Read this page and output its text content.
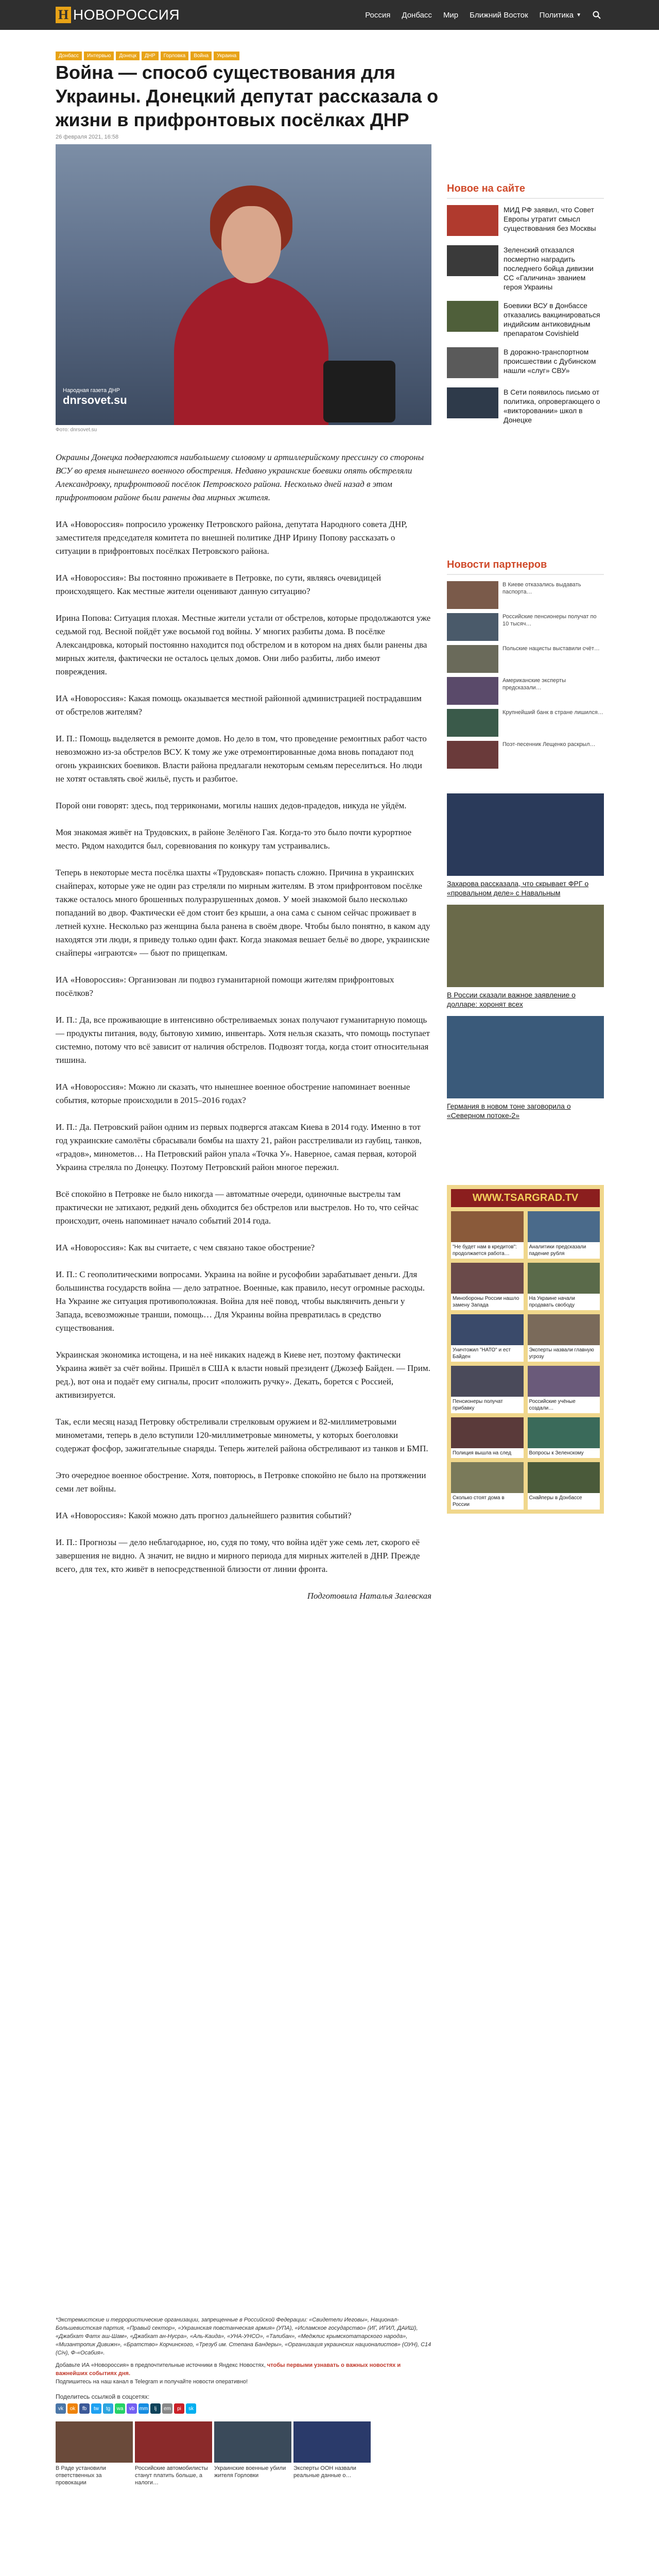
Н НОВОРОССИЯ	Россия Донбасс Мир Ближний Восток Политика ▼
Донбасс	Интервью	Донецк	ДНР	Горловка	Война	Украина
Война — способ существования для Украины. Донецкий депутат рассказала о жизни в прифронтовых посёлках ДНР
26 февраля 2021, 16:58
Народная газета ДНР
dnrsovet.su
Фото: dnrsovet.su

Окраины Донецка подвергаются наибольшему силовому и артиллерийскому прессингу со стороны ВСУ во время нынешнего военного обострения. Недавно украинские боевики опять обстреляли Александровку, прифронтовой посёлок Петровского района. Несколько дней назад в этом прифронтовом районе были ранены два мирных жителя.

ИА «Новороссия» попросило уроженку Петровского района, депутата Народного совета ДНР, заместителя председателя комитета по внешней политике ДНР Ирину Попову рассказать о ситуации в прифронтовых посёлках Петровского района.

ИА «Новороссия»: Вы постоянно проживаете в Петровке, по сути, являясь очевидицей происходящего. Как местные жители оценивают данную ситуацию?

Ирина Попова: Ситуация плохая. Местные жители устали от обстрелов, которые продолжаются уже седьмой год. Весной пойдёт уже восьмой год войны. У многих разбиты дома. В посёлке Александровка, который постоянно находится под обстрелом и в котором на днях были ранены два мирных жителя, фактически не осталось целых домов. Они либо разбиты, либо имеют повреждения.

ИА «Новороссия»: Какая помощь оказывается местной районной администрацией пострадавшим от обстрелов жителям?

И. П.: Помощь выделяется в ремонте домов. Но дело в том, что проведение ремонтных работ часто невозможно из-за обстрелов ВСУ. К тому же уже отремонтированные дома вновь попадают под огонь украинских боевиков. Власти района предлагали некоторым семьям переселиться. Но люди не хотят оставлять своё жильё, пусть и разбитое.

Порой они говорят: здесь, под терриконами, могилы наших дедов-прадедов, никуда не уйдём.

Моя знакомая живёт на Трудовских, в районе Зелёного Гая. Когда-то это было почти курортное место. Рядом находится был, соревнования по конкуру там устраивались.

Теперь в некоторые места посёлка шахты «Трудовская» попасть сложно. Причина в украинских снайперах, которые уже не один раз стреляли по мирным жителям. В этом прифронтовом посёлке также осталось много брошенных полуразрушенных домов. У моей знакомой было несколько попаданий во двор. Фактически её дом стоит без крыши, а она сама с сыном сейчас проживает в летней кухне. Несколько раз женщина была ранена в своём дворе. Чтобы было понятно, в каком аду находятся эти люди, я приведу только один факт. Когда знакомая вешает бельё во дворе, украинские снайперы «играются» — бьют по прищепкам.

ИА «Новороссия»: Организован ли подвоз гуманитарной помощи жителям прифронтовых посёлков?

И. П.: Да, все проживающие в интенсивно обстреливаемых зонах получают гуманитарную помощь — продукты питания, воду, бытовую химию, инвентарь. Хотя нельзя сказать, что помощь поступает системно, потому что всё зависит от наличия обстрелов. Подвозят тогда, когда стоит относительная тишина.

ИА «Новороссия»: Можно ли сказать, что нынешнее военное обострение напоминает военные события, которые происходили в 2015–2016 годах?

И. П.: Да. Петровский район одним из первых подвергся атаксам Киева в 2014 году. Именно в тот год украинские самолёты сбрасывали бомбы на шахту 21, район расстреливали из гаубиц, танков, «градов», минометов… На Петровский район упала «Точка У». Наверное, самая первая, которой Украина стреляла по Донецку. Поэтому Петровский район многое пережил.

Всё спокойно в Петровке не было никогда — автоматные очереди, одиночные выстрелы там практически не затихают, редкий день обходится без обстрелов или выстрелов. Но то, что сейчас происходит, очень напоминает начало событий 2014 года.

ИА «Новороссия»: Как вы считаете, с чем связано такое обострение?

И. П.: С геополитическими вопросами. Украина на войне и русофобии зарабатывает деньги. Для большинства государств война — дело затратное. Военные, как правило, несут огромные расходы. На Украине же ситуация противоположная. Война для неё повод, чтобы выклянчить деньги у Запада, всевозможные транши, помощь… Для Украины война превратилась в средство существования.

Украинская экономика истощена, и на неё никаких надежд в Киеве нет, поэтому фактически Украина живёт за счёт войны. Пришёл в США к власти новый президент (Джозеф Байден. — Прим. ред.), вот она и подаёт ему сигналы, просит «положить ручку». Декать, борется с Россией, активизируется.

Так, если месяц назад Петровку обстреливали стрелковым оружием и 82-миллиметровыми минометами, теперь в дело вступили 120-миллиметровые минометы, у которых боеголовки содержат фосфор, зажигательные снаряды. Теперь жителей района обстреливают из танков и БМП.

Это очередное военное обострение. Хотя, повторюсь, в Петровке спокойно не было на протяжении семи лет войны.

ИА «Новороссия»: Какой можно дать прогноз дальнейшего развития событий?

И. П.: Прогнозы — дело неблагодарное, но, судя по тому, что война идёт уже семь лет, скорого её завершения не видно. А значит, не видно и мирного периода для мирных жителей в ДНР. Прежде всего, для тех, кто живёт в непосредственной близости от линии фронта.

Подготовила Наталья Залевская

*Экстремистские и террористические организации, запрещенные в Российской Федерации: «Свидетели Иеговы», Национал-Большевистская партия, «Правый сектор», «Украинская повстанческая армия» (УПА), «Исламское государство» (ИГ, ИГИЛ, ДАИШ), «Джабхат Фатх аш-Шам», «Джабхат ан-Нусра», «Аль-Каида», «УНА-УНСО», «Талибан», «Меджлис крымскотатарского народа», «Мизантропик Дивижн», «Братство» Корчинского, «Трезуб им. Степана Бандеры», «Организация украинских националистов» (ОУН), С14 (Січ), Ф-«Осабия».
Добавьте ИА «Новороссия» в предпочтительные источники в Яндекс Новостях, чтобы первыми узнавать о важных новостях и важнейших событиях дня.
Подпишитесь на наш канал в Telegram и получайте новости оперативно!
Поделитесь ссылкой в соцсетях:
vk	ok	fb	tw	tg	wa	vb mm	lj	em	pi	sk
В Раде установили ответственных за провокации
Российские автомобилисты станут платить больше, а налоги…
Украинские военные убили жителя Горловки
Эксперты ООН назвали реальные данные о…
Новое на сайте
МИД РФ заявил, что Совет Европы утратит смысл существования без Москвы
Зеленский отказался посмертно наградить последнего бойца дивизии СС «Галичина» званием героя Украины
Боевики ВСУ в Донбассе отказались вакцинироваться индийским антиковидным препаратом Covishield
В дорожно-транспортном происшествии с Дубинском нашли «слуг» СВУ»
В Сети появилось письмо от политика, опровергающего о «викторовании» школ в Донецке
Новости партнеров
В Киеве отказались выдавать паспорта…
Российские пенсионеры получат по 10 тысяч…
Польские нацисты выставили счёт…
Американские эксперты предсказали…
Крупнейший банк в стране лишился…
Поэт-песенник Лещенко раскрыл…
Захарова рассказала, что скрывает ФРГ о «провальном деле» с Навальным
В России сказали важное заявление о долларе: хоронят всех
Германия в новом тоне заговорила о «Северном потоке-2»
WWW.TSARGRAD.TV
"Не будет нам в кредитов": продолжается работа…
Аналитики предсказали падение рубля
Минобороны России нашло замену Запада
На Украине начали продавать свободу
Уничтожил "НАТО" и ест Байден
Эксперты назвали главную угрозу
Пенсионеры получат прибавку
Российские учёные создали…
Полиция вышла на след	Вопросы к Зеленскому
Сколько стоят дома в России
Снайперы в Донбассе
